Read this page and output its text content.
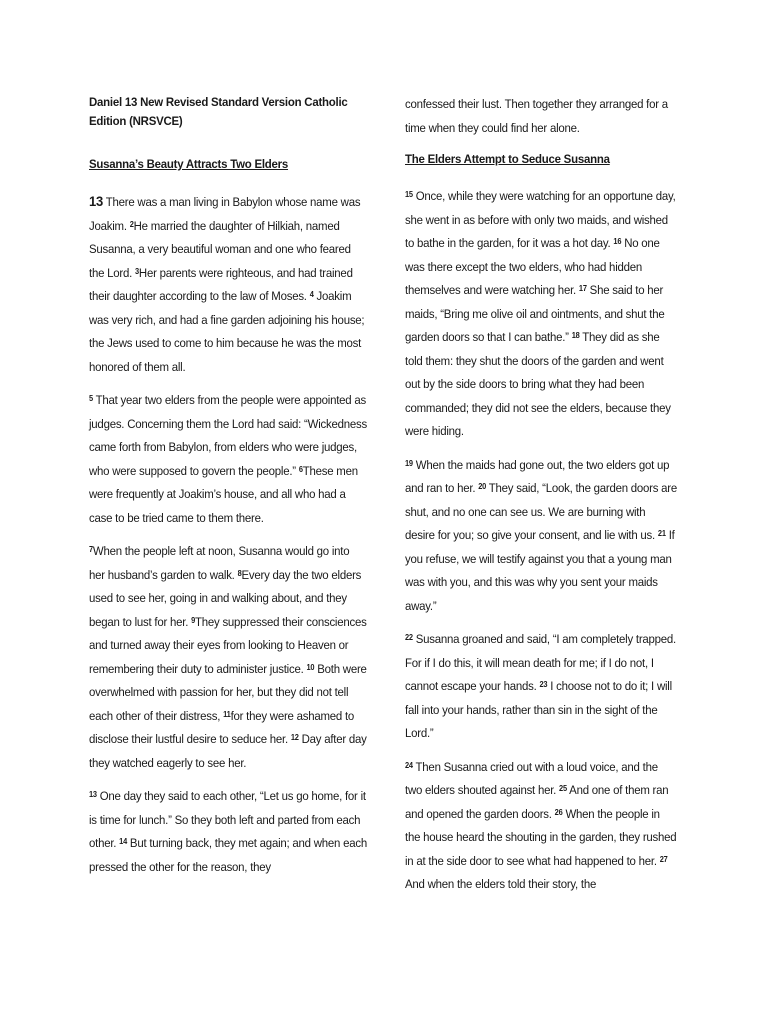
Daniel 13 New Revised Standard Version Catholic Edition (NRSVCE)
Susanna’s Beauty Attracts Two Elders

13 There was a man living in Babylon whose name was Joakim. $^2$He married the daughter of Hilkiah, named Susanna, a very beautiful woman and one who feared the Lord. $^3$Her parents were righteous, and had trained their daughter according to the law of Moses. $^4$ Joakim was very rich, and had a fine garden adjoining his house; the Jews used to come to him because he was the most honored of them all.

$^5$ That year two elders from the people were appointed as judges. Concerning them the Lord had said: “Wickedness came forth from Babylon, from elders who were judges, who were supposed to govern the people.” $^6$These men were frequently at Joakim’s house, and all who had a case to be tried came to them there.

$^7$When the people left at noon, Susanna would go into her husband’s garden to walk. $^8$Every day the two elders used to see her, going in and walking about, and they began to lust for her. $^9$They suppressed their consciences and turned away their eyes from looking to Heaven or remembering their duty to administer justice. $^{10}$ Both were overwhelmed with passion for her, but they did not tell each other of their distress, $^{11}$for they were ashamed to disclose their lustful desire to seduce her. $^{12}$ Day after day they watched eagerly to see her.

$^{13}$ One day they said to each other, “Let us go home, for it is time for lunch.” So they both left and parted from each other. $^{14}$ But turning back, they met again; and when each pressed the other for the reason, they

confessed their lust. Then together they arranged for a time when they could find her alone.

The Elders Attempt to Seduce Susanna

$^{15}$ Once, while they were watching for an opportune day, she went in as before with only two maids, and wished to bathe in the garden, for it was a hot day. $^{16}$ No one was there except the two elders, who had hidden themselves and were watching her. $^{17}$ She said to her maids, “Bring me olive oil and ointments, and shut the garden doors so that I can bathe.” $^{18}$ They did as she told them: they shut the doors of the garden and went out by the side doors to bring what they had been commanded; they did not see the elders, because they were hiding.

$^{19}$ When the maids had gone out, the two elders got up and ran to her. $^{20}$ They said, “Look, the garden doors are shut, and no one can see us. We are burning with desire for you; so give your consent, and lie with us. $^{21}$ If you refuse, we will testify against you that a young man was with you, and this was why you sent your maids away.”

$^{22}$ Susanna groaned and said, “I am completely trapped. For if I do this, it will mean death for me; if I do not, I cannot escape your hands. $^{23}$ I choose not to do it; I will fall into your hands, rather than sin in the sight of the Lord.”

$^{24}$ Then Susanna cried out with a loud voice, and the two elders shouted against her. $^{25}$ And one of them ran and opened the garden doors. $^{26}$ When the people in the house heard the shouting in the garden, they rushed in at the side door to see what had happened to her. $^{27}$ And when the elders told their story, the
